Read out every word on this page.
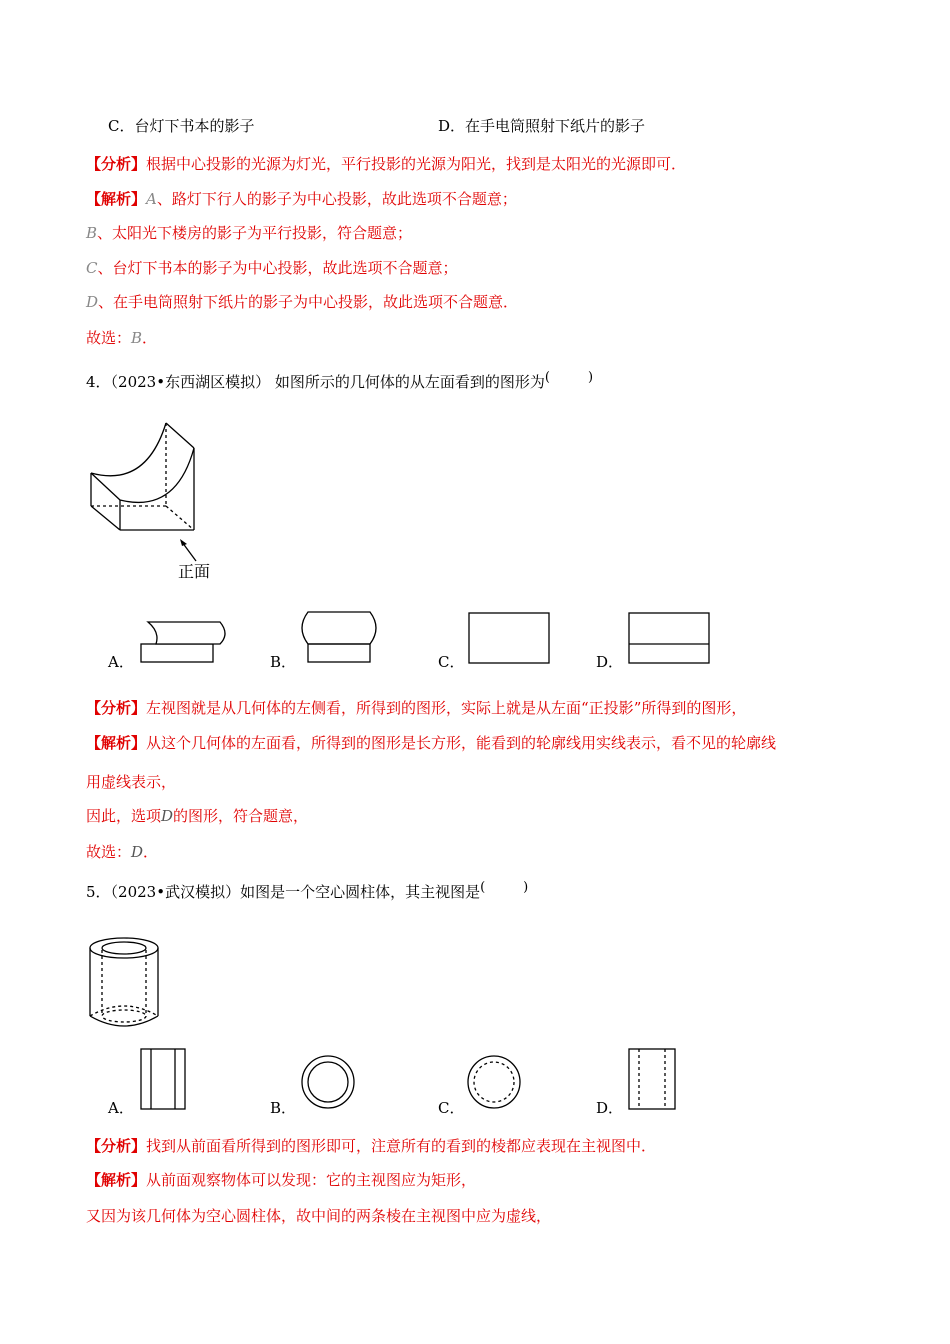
C．台灯下书本的影子	D．在手电筒照射下纸片的影子
【分析】根据中心投影的光源为灯光，平行投影的光源为阳光，找到是太阳光的光源即可．
【解析】A、路灯下行人的影子为中心投影，故此选项不合题意；
B、太阳光下楼房的影子为平行投影，符合题意；
C、台灯下书本的影子为中心投影，故此选项不合题意；
D、在手电筒照射下纸片的影子为中心投影，故此选项不合题意．
故选：B．
4．（2023•东西湖区模拟） 如图所示的几何体的从左面看到的图形为(	)
正面
A．	B．	C．	D．
【分析】左视图就是从几何体的左侧看，所得到的图形，实际上就是从左面“正投影”所得到的图形，
【解析】从这个几何体的左面看，所得到的图形是长方形，能看到的轮廓线用实线表示，看不见的轮廓线
用虚线表示，
因此，选项D的图形，符合题意，
故选：D．
5．（2023•武汉模拟）如图是一个空心圆柱体，其主视图是(	)
A．	B．	C．	D．
【分析】找到从前面看所得到的图形即可，注意所有的看到的棱都应表现在主视图中．
【解析】从前面观察物体可以发现：它的主视图应为矩形，
又因为该几何体为空心圆柱体，故中间的两条棱在主视图中应为虚线，
